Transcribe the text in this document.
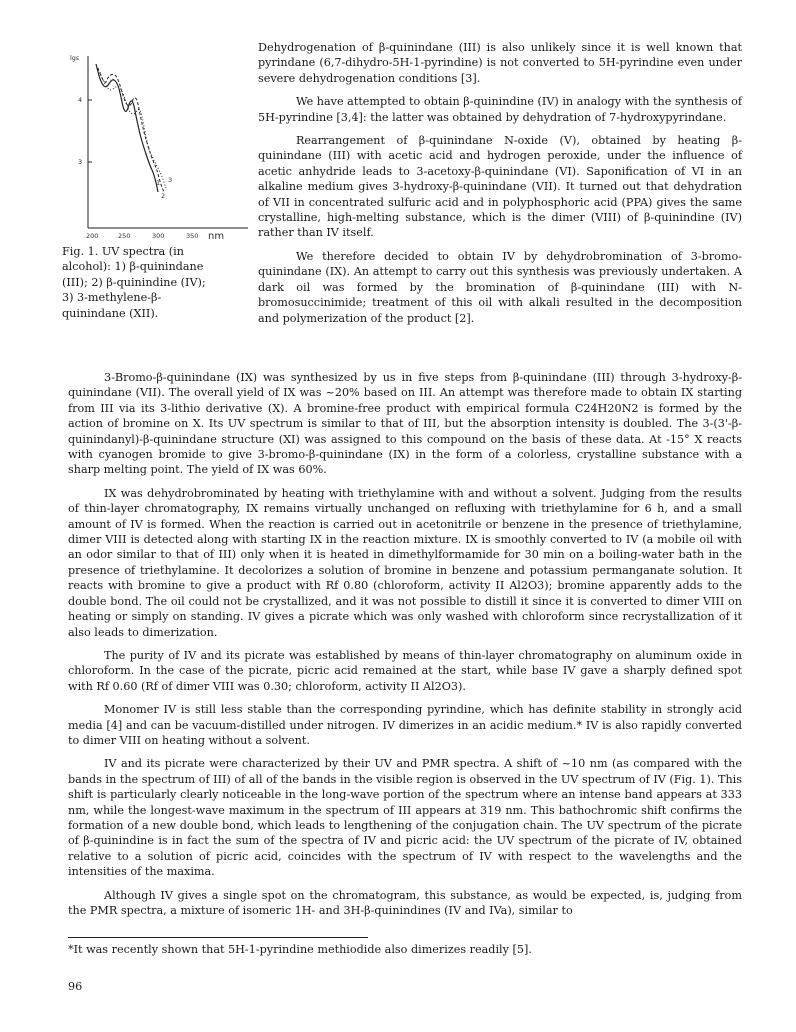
lgε
4
3
200	250	300	350 nm
1
2
3
Fig. 1. UV spectra (in alcohol): 1) β-quinindane (III); 2) β-quinindine (IV); 3) 3-methylene-β-quinindane (XII).

Dehydrogenation of β-quinindane (III) is also unlikely since it is well known that pyrindane (6,7-dihydro-5H-1-pyrindine) is not converted to 5H-pyrindine even under severe dehydrogenation conditions [3].

We have attempted to obtain β-quinindine (IV) in analogy with the synthesis of 5H-pyrindine [3,4]: the latter was obtained by dehydration of 7-hydroxypyrindane.

Rearrangement of β-quinindane N-oxide (V), obtained by heating β-quinindane (III) with acetic acid and hydrogen peroxide, under the influence of acetic anhydride leads to 3-acetoxy-β-quinindane (VI). Saponification of VI in an alkaline medium gives 3-hydroxy-β-quinindane (VII). It turned out that dehydration of VII in concentrated sulfuric acid and in polyphosphoric acid (PPA) gives the same crystalline, high-melting substance, which is the dimer (VIII) of β-quinindine (IV) rather than IV itself.

We therefore decided to obtain IV by dehydrobromination of 3-bromo-quinindane (IX). An attempt to carry out this synthesis was previously undertaken. A dark oil was formed by the bromination of β-quinindane (III) with N-bromosuccinimide; treatment of this oil with alkali resulted in the decomposition and polymerization of the product [2].

3-Bromo-β-quinindane (IX) was synthesized by us in five steps from β-quinindane (III) through 3-hydroxy-β-quinindane (VII). The overall yield of IX was ~20% based on III. An attempt was therefore made to obtain IX starting from III via its 3-lithio derivative (X). A bromine-free product with empirical formula C24H20N2 is formed by the action of bromine on X. Its UV spectrum is similar to that of III, but the absorption intensity is doubled. The 3-(3'-β-quinindanyl)-β-quinindane structure (XI) was assigned to this compound on the basis of these data. At -15° X reacts with cyanogen bromide to give 3-bromo-β-quinindane (IX) in the form of a colorless, crystalline substance with a sharp melting point. The yield of IX was 60%.

IX was dehydrobrominated by heating with triethylamine with and without a solvent. Judging from the results of thin-layer chromatography, IX remains virtually unchanged on refluxing with triethylamine for 6 h, and a small amount of IV is formed. When the reaction is carried out in acetonitrile or benzene in the presence of triethylamine, dimer VIII is detected along with starting IX in the reaction mixture. IX is smoothly converted to IV (a mobile oil with an odor similar to that of III) only when it is heated in dimethylformamide for 30 min on a boiling-water bath in the presence of triethylamine. It decolorizes a solution of bromine in benzene and potassium permanganate solution. It reacts with bromine to give a product with Rf 0.80 (chloroform, activity II Al2O3); bromine apparently adds to the double bond. The oil could not be crystallized, and it was not possible to distill it since it is converted to dimer VIII on heating or simply on standing. IV gives a picrate which was only washed with chloroform since recrystallization of it also leads to dimerization.

The purity of IV and its picrate was established by means of thin-layer chromatography on aluminum oxide in chloroform. In the case of the picrate, picric acid remained at the start, while base IV gave a sharply defined spot with Rf 0.60 (Rf of dimer VIII was 0.30; chloroform, activity II Al2O3).

Monomer IV is still less stable than the corresponding pyrindine, which has definite stability in strongly acid media [4] and can be vacuum-distilled under nitrogen. IV dimerizes in an acidic medium.* IV is also rapidly converted to dimer VIII on heating without a solvent.

IV and its picrate were characterized by their UV and PMR spectra. A shift of ~10 nm (as compared with the bands in the spectrum of III) of all of the bands in the visible region is observed in the UV spectrum of IV (Fig. 1). This shift is particularly clearly noticeable in the long-wave portion of the spectrum where an intense band appears at 333 nm, while the longest-wave maximum in the spectrum of III appears at 319 nm. This bathochromic shift confirms the formation of a new double bond, which leads to lengthening of the conjugation chain. The UV spectrum of the picrate of β-quinindine is in fact the sum of the spectra of IV and picric acid: the UV spectrum of the picrate of IV, obtained relative to a solution of picric acid, coincides with the spectrum of IV with respect to the wavelengths and the intensities of the maxima.

Although IV gives a single spot on the chromatogram, this substance, as would be expected, is, judging from the PMR spectra, a mixture of isomeric 1H- and 3H-β-quinindines (IV and IVa), similar to

*It was recently shown that 5H-1-pyrindine methiodide also dimerizes readily [5].
96
